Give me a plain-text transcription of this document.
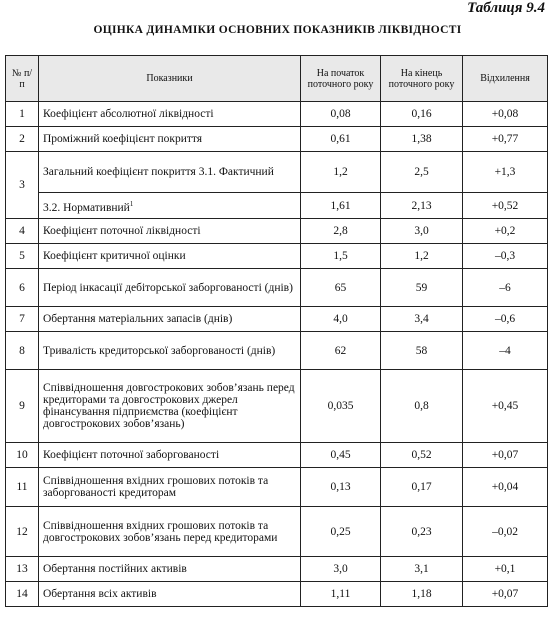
Таблиця 9.4
ОЦІНКА ДИНАМІКИ ОСНОВНИХ ПОКАЗНИКІВ ЛІКВІДНОСТІ
№ п/п	Показники	На початок поточного року	На кінець поточного року	Відхилення
1	Коефіцієнт абсолютної ліквідності	0,08	0,16	+0,08
2	Проміжний коефіцієнт покриття	0,61	1,38	+0,77
3	Загальний коефіцієнт покриття 3.1. Фактичний	1,2	2,5	+1,3
	3.2. Нормативний$^1$	1,61	2,13	+0,52
4	Коефіцієнт поточної ліквідності	2,8	3,0	+0,2
5	Коефіцієнт критичної оцінки	1,5	1,2	–0,3
6	Період інкасації дебіторської заборгованості (днів)	65	59	–6
7	Обертання матеріальних запасів (днів)	4,0	3,4	–0,6
8	Тривалість кредиторської заборгованості (днів)	62	58	–4
9	Співвідношення довгострокових зобов’язань перед кредиторами та довгострокових джерел фінансування підприємства (коефіцієнт довгострокових зобов’язань)	0,035	0,8	+0,45
10	Коефіцієнт поточної заборгованості	0,45	0,52	+0,07
11	Співвідношення вхідних грошових потоків та заборгованості кредиторам	0,13	0,17	+0,04
12	Співвідношення вхідних грошових потоків та довгострокових зобов’язань перед кредиторами	0,25	0,23	–0,02
13	Обертання постійних активів	3,0	3,1	+0,1
14	Обертання всіх активів	1,11	1,18	+0,07
